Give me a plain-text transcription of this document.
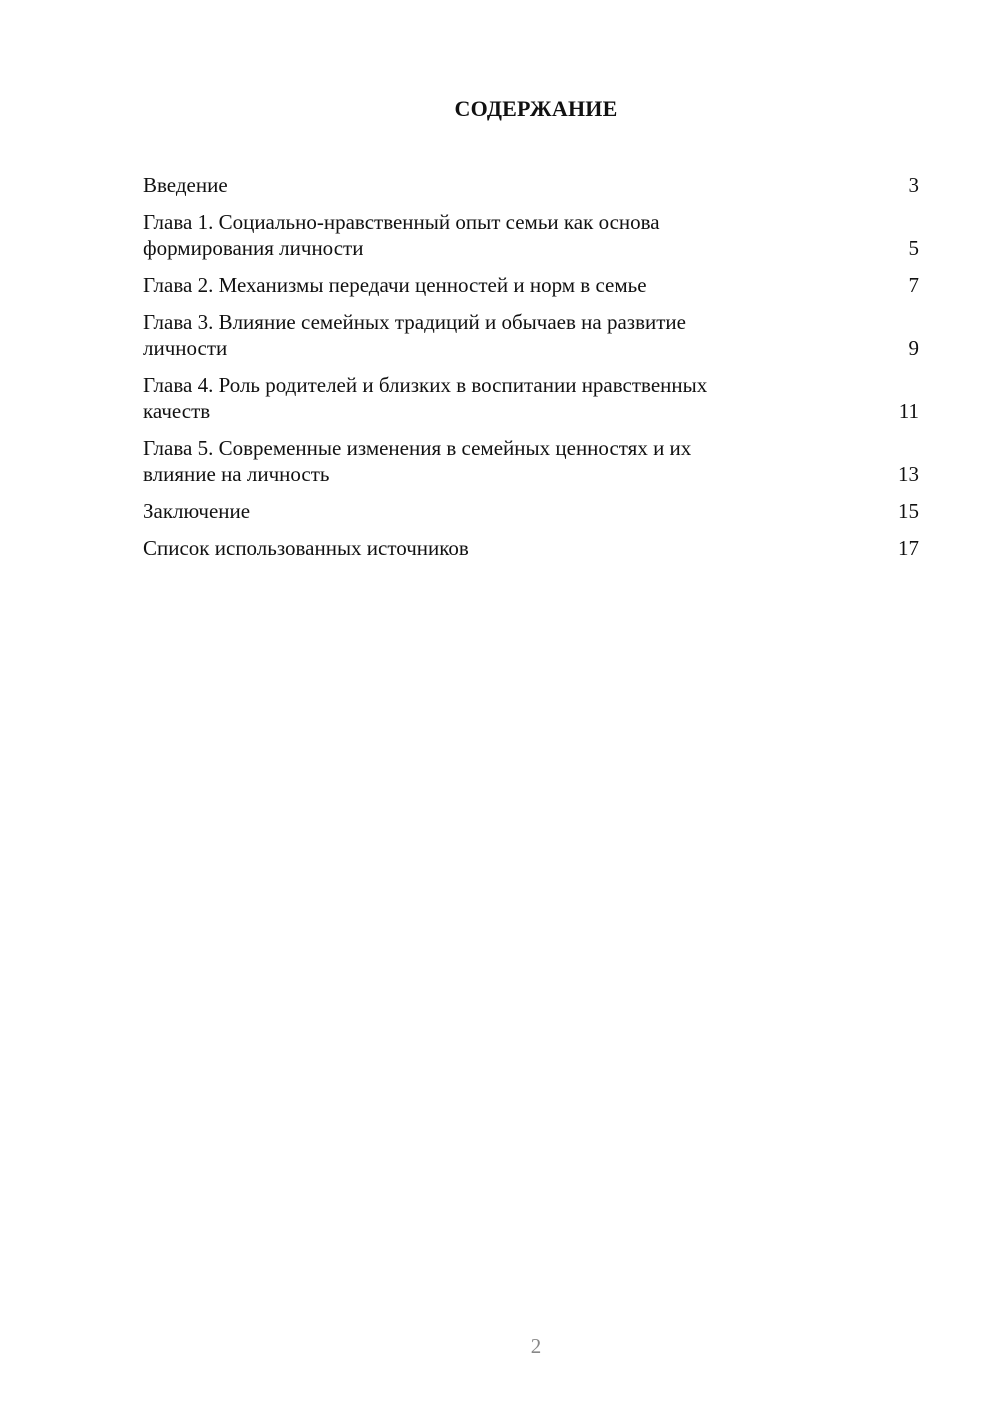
СОДЕРЖАНИЕ
Введение	3
Глава 1. Социально-нравственный опыт семьи как основа
формирования личности	5
Глава 2. Механизмы передачи ценностей и норм в семье	7
Глава 3. Влияние семейных традиций и обычаев на развитие
личности	9
Глава 4. Роль родителей и близких в воспитании нравственных
качеств	11
Глава 5. Современные изменения в семейных ценностях и их
влияние на личность	13
Заключение	15
Список использованных источников	17
2
